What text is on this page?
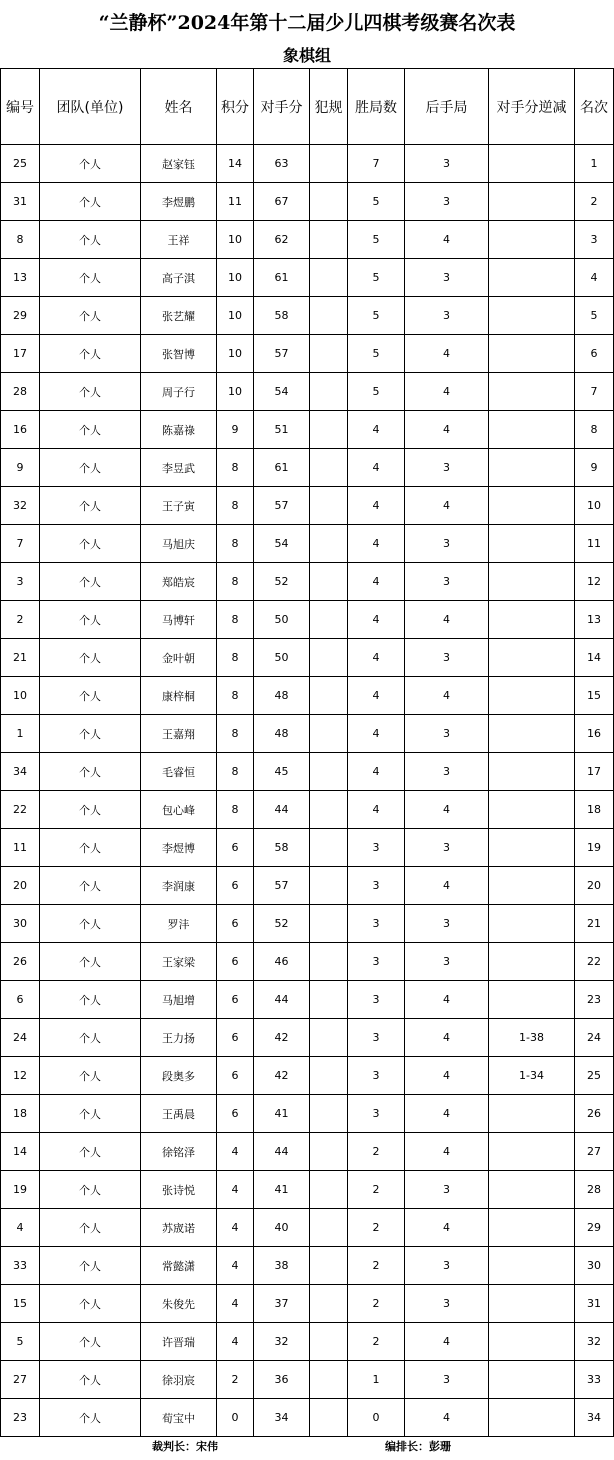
“兰静杯”2024年第十二届少儿四棋考级赛名次表
象棋组
编号	团队(单位)	姓名	积分	对手分	犯规	胜局数	后手局	对手分逆减	名次
25	个人	赵家钰	14	63		7	3		1
31	个人	李煜鹏	11	67		5	3		2
8	个人	王祥	10	62		5	4		3
13	个人	高子淇	10	61		5	3		4
29	个人	张艺耀	10	58		5	3		5
17	个人	张智博	10	57		5	4		6
28	个人	周子行	10	54		5	4		7
16	个人	陈嘉祿	9	51		4	4		8
9	个人	李昱武	8	61		4	3		9
32	个人	王子寅	8	57		4	4		10
7	个人	马旭庆	8	54		4	3		11
3	个人	郑皓宸	8	52		4	3		12
2	个人	马博轩	8	50		4	4		13
21	个人	金叶朝	8	50		4	3		14
10	个人	康梓桐	8	48		4	4		15
1	个人	王嘉翔	8	48		4	3		16
34	个人	毛睿恒	8	45		4	3		17
22	个人	包心峰	8	44		4	4		18
11	个人	李煜博	6	58		3	3		19
20	个人	李润康	6	57		3	4		20
30	个人	罗沣	6	52		3	3		21
26	个人	王家梁	6	46		3	3		22
6	个人	马旭增	6	44		3	4		23
24	个人	王力扬	6	42		3	4	1-38	24
12	个人	段奥多	6	42		3	4	1-34	25
18	个人	王禹晨	6	41		3	4		26
14	个人	徐铭泽	4	44		2	4		27
19	个人	张诗悦	4	41		2	3		28
4	个人	苏宬诺	4	40		2	4		29
33	个人	常懿潇	4	38		2	3		30
15	个人	朱俊先	4	37		2	3		31
5	个人	许晋瑞	4	32		2	4		32
27	个人	徐羽宸	2	36		1	3		33
23	个人	荀宝中	0	34		0	4		34
裁判长：宋伟	编排长：彭珊
